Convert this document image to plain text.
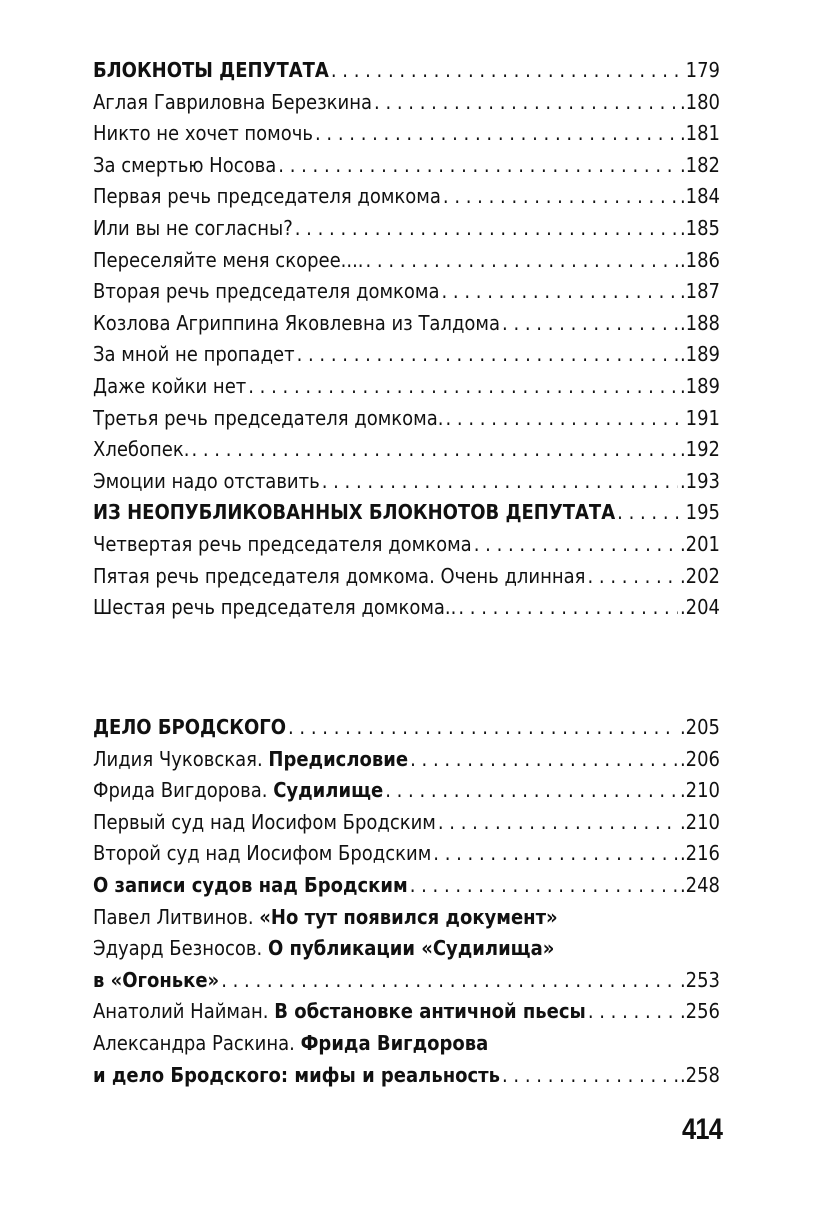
БЛОКНОТЫ ДЕПУТАТА . . .	179
Аглая Гавриловна Березкина . . .	.180
Никто не хочет помочь . . .	.181
За смертью Носова . . .	.182
Первая речь председателя домкома . . .	.184
Или вы не согласны? . . .	.185
Переселяйте меня скорее.... . . .	.186
Вторая речь председателя домкома . . .	.187
Козлова Агриппина Яковлевна из Талдома . . .	.188
За мной не пропадет . . .	.189
Даже койки нет . . .	.189
Третья речь председателя домкома. . . .	191
Хлебопек. . . .	.192
Эмоции надо отставить . . .	.193
ИЗ НЕОПУБЛИКОВАННЫХ БЛОКНОТОВ ДЕПУТАТА . . .	195
Четвертая речь председателя домкома . . .	.201
Пятая речь председателя домкома. Очень длинная . . .	.202
Шестая речь председателя домкома.. . . .	.204
ДЕЛО БРОДСКОГО . . .	.205
Лидия Чуковская. Предисловие . . .	.206
Фрида Вигдорова. Судилище . . .	.210
Первый суд над Иосифом Бродским . . .	.210
Второй суд над Иосифом Бродским . . .	.216
О записи судов над Бродским . . .	.248
Павел Литвинов. «Но тут появился документ»
Эдуард Безносов. О публикации «Судилища»
в «Огоньке» . . .	.253
Анатолий Найман. В обстановке античной пьесы . . .	.256
Александра Раскина. Фрида Вигдорова
и дело Бродского: мифы и реальность . . .	.258
414
